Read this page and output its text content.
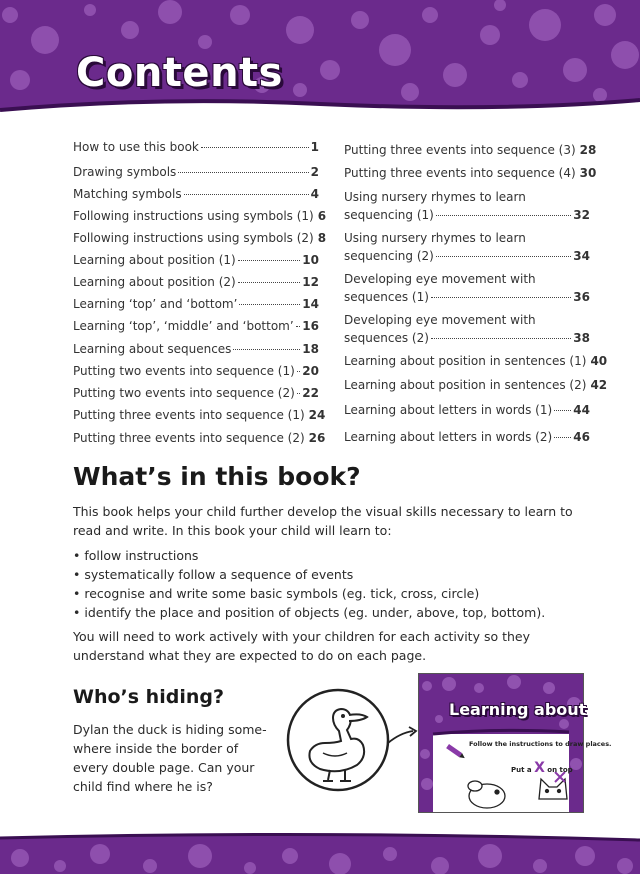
Contents
How to use this book	1
Drawing symbols	2
Matching symbols	4
Following instructions using symbols (1) 6
Following instructions using symbols (2) 8
Learning about position (1)	10
Learning about position (2)	12
Learning ‘top’ and ‘bottom’	14
Learning ‘top’, ‘middle’ and ‘bottom’ 16
Learning about sequences	18
Putting two events into sequence (1) 20
Putting two events into sequence (2) 22
Putting three events into sequence (1) 24
Putting three events into sequence (2) 26
Putting three events into sequence (3) 28
Putting three events into sequence (4) 30
Using nursery rhymes to learn
sequencing (1)	32
Using nursery rhymes to learn
sequencing (2)	34
Developing eye movement with
sequences (1)	36
Developing eye movement with
sequences (2)	38
Learning about position in sentences (1) 40
Learning about position in sentences (2) 42
Learning about letters in words (1) 44
Learning about letters in words (2) 46
What’s in this book?
This book helps your child further develop the visual skills necessary to learn to read and write. In this book your child will learn to:
• follow instructions
• systematically follow a sequence of events
• recognise and write some basic symbols (eg. tick, cross, circle)
• identify the place and position of objects (eg. under, above, top, bottom).
You will need to work actively with your children for each activity so they understand what they are expected to do on each page.
Who’s hiding?
Dylan the duck is hiding some-where inside the border of every double page. Can your child find where he is?
Learning about
Follow the instructions to draw places.
Put a X on top
